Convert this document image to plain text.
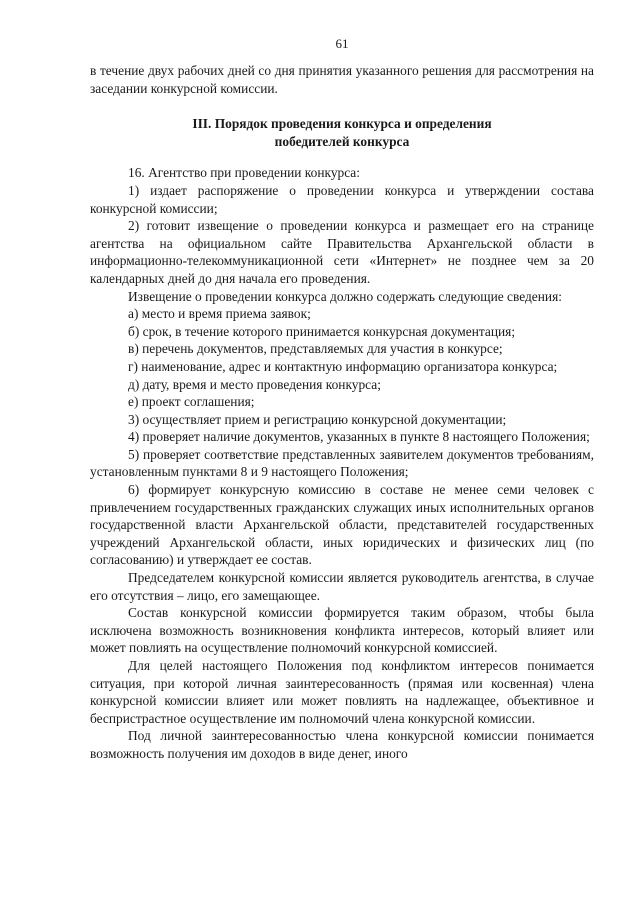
61

в течение двух рабочих дней со дня принятия указанного решения для рассмотрения на заседании конкурсной комиссии.

III. Порядок проведения конкурса и определения
победителей конкурса

16. Агентство при проведении конкурса:

1) издает распоряжение о проведении конкурса и утверждении состава конкурсной комиссии;

2) готовит извещение о проведении конкурса и размещает его на странице агентства на официальном сайте Правительства Архангельской области в информационно-телекоммуникационной сети «Интернет» не позднее чем за 20 календарных дней до дня начала его проведения.

Извещение о проведении конкурса должно содержать следующие сведения:

а) место и время приема заявок;

б) срок, в течение которого принимается конкурсная документация;

в) перечень документов, представляемых для участия в конкурсе;

г) наименование, адрес и контактную информацию организатора конкурса;

д) дату, время и место проведения конкурса;

е) проект соглашения;

3) осуществляет прием и регистрацию конкурсной документации;

4) проверяет наличие документов, указанных в пункте 8 настоящего Положения;

5) проверяет соответствие представленных заявителем документов требованиям, установленным пунктами 8 и 9 настоящего Положения;

6) формирует конкурсную комиссию в составе не менее семи человек с привлечением государственных гражданских служащих иных исполнительных органов государственной власти Архангельской области, представителей государственных учреждений Архангельской области, иных юридических и физических лиц (по согласованию) и утверждает ее состав.

Председателем конкурсной комиссии является руководитель агентства, в случае его отсутствия – лицо, его замещающее.

Состав конкурсной комиссии формируется таким образом, чтобы была исключена возможность возникновения конфликта интересов, который влияет или может повлиять на осуществление полномочий конкурсной комиссией.

Для целей настоящего Положения под конфликтом интересов понимается ситуация, при которой личная заинтересованность (прямая или косвенная) члена конкурсной комиссии влияет или может повлиять на надлежащее, объективное и беспристрастное осуществление им полномочий члена конкурсной комиссии.

Под личной заинтересованностью члена конкурсной комиссии понимается возможность получения им доходов в виде денег, иного
